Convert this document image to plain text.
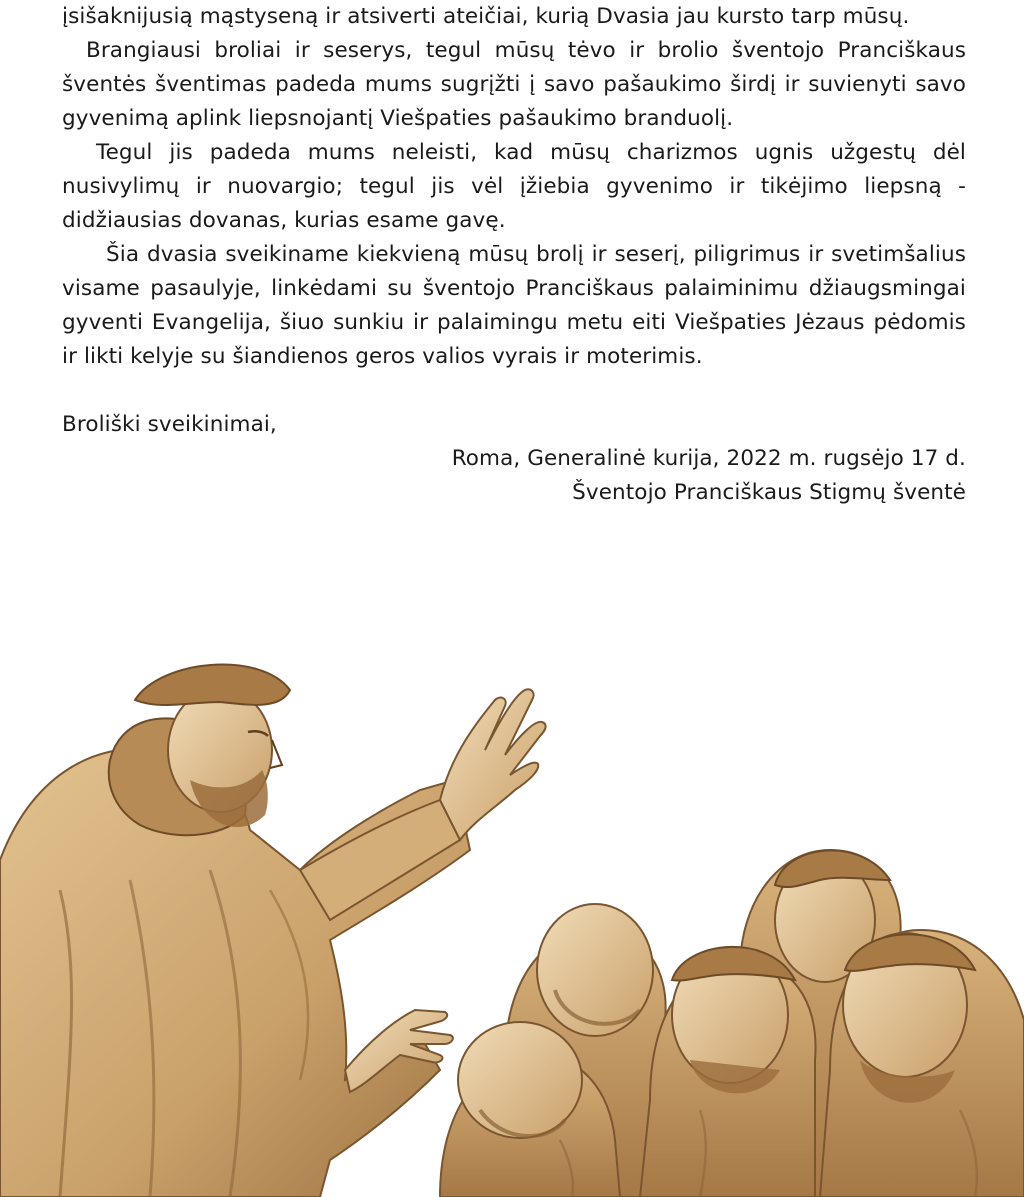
įsišaknijusią mąstyseną ir atsiverti ateičiai, kurią Dvasia jau kursto tarp mūsų.

Brangiausi broliai ir seserys, tegul mūsų tėvo ir brolio šventojo Pranciškaus šventės šventimas padeda mums sugrįžti į savo pašaukimo širdį ir suvienyti savo gyvenimą aplink liepsnojantį Viešpaties pašaukimo branduolį.

Tegul jis padeda mums neleisti, kad mūsų charizmos ugnis užgestų dėl nusivylimų ir nuovargio; tegul jis vėl įžiebia gyvenimo ir tikėjimo liepsną - didžiausias dovanas, kurias esame gavę.

Šia dvasia sveikiname kiekvieną mūsų brolį ir seserį, piligrimus ir svetimšalius visame pasaulyje, linkėdami su šventojo Pranciškaus palaiminimu džiaugsmingai gyventi Evangelija, šiuo sunkiu ir palaimingu metu eiti Viešpaties Jėzaus pėdomis ir likti kelyje su šiandienos geros valios vyrais ir moterimis.

Broliški sveikinimai,

Roma, Generalinė kurija, 2022 m. rugsėjo 17 d.

Šventojo Pranciškaus Stigmų šventė
